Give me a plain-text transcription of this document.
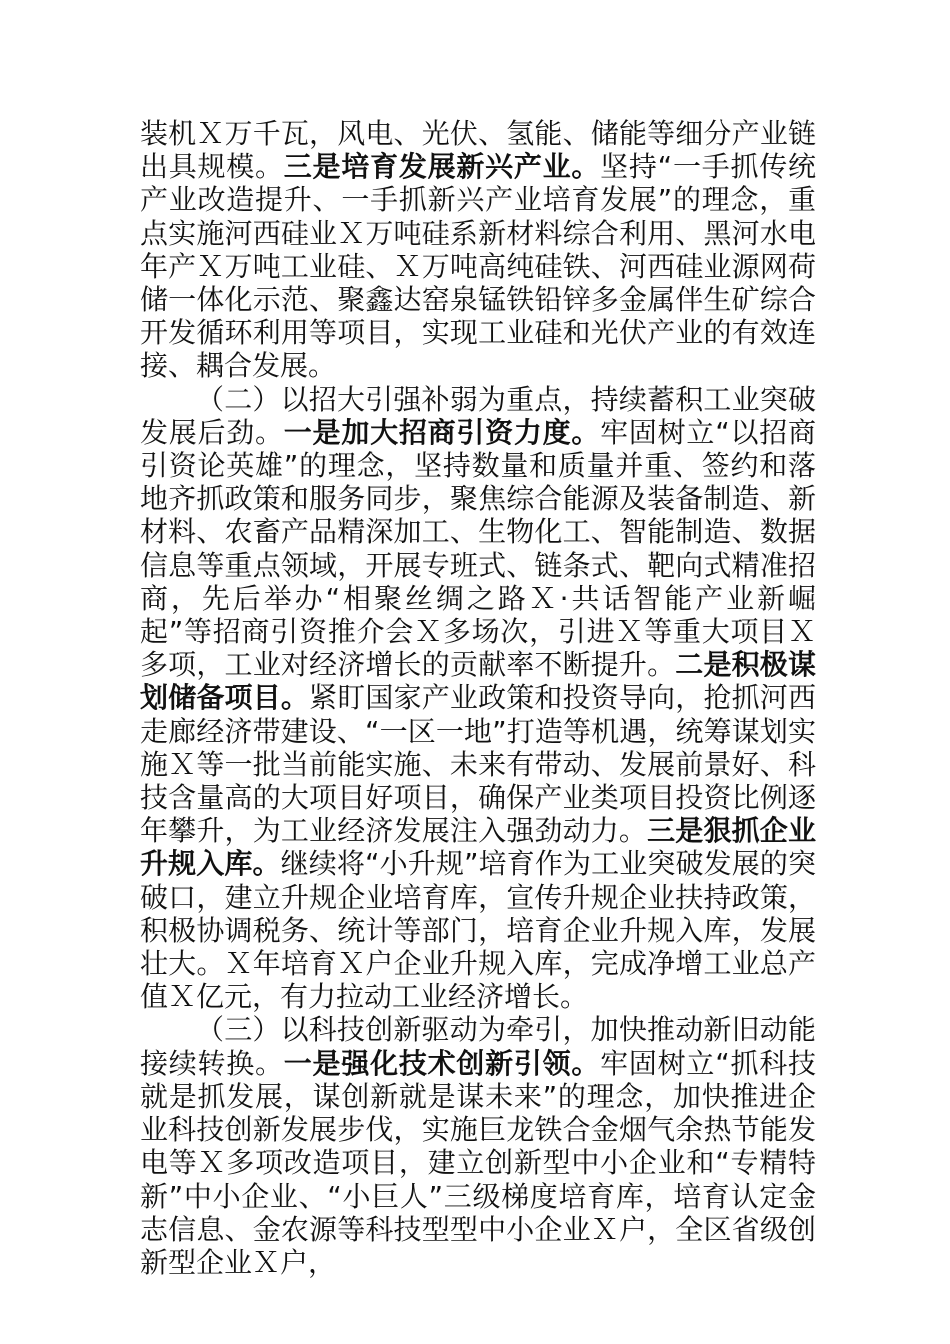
装机Ｘ万千瓦，风电、光伏、氢能、储能等细分产业链出具规模。三是培育发展新兴产业。坚持“一手抓传统产业改造提升、一手抓新兴产业培育发展”的理念，重点实施河西硅业Ｘ万吨硅系新材料综合利用、黑河水电年产Ｘ万吨工业硅、Ｘ万吨高纯硅铁、河西硅业源网荷储一体化示范、聚鑫达窑泉锰铁铅锌多金属伴生矿综合开发循环利用等项目，实现工业硅和光伏产业的有效连接、耦合发展。

（二）以招大引强补弱为重点，持续蓄积工业突破发展后劲。一是加大招商引资力度。牢固树立“以招商引资论英雄”的理念，坚持数量和质量并重、签约和落地齐抓政策和服务同步，聚焦综合能源及装备制造、新材料、农畜产品精深加工、生物化工、智能制造、数据信息等重点领域，开展专班式、链条式、靶向式精准招商，先后举办“相聚丝绸之路Ｘ·共话智能产业新崛起”等招商引资推介会Ｘ多场次，引进Ｘ等重大项目Ｘ多项，工业对经济增长的贡献率不断提升。二是积极谋划储备项目。紧盯国家产业政策和投资导向，抢抓河西走廊经济带建设、“一区一地”打造等机遇，统筹谋划实施Ｘ等一批当前能实施、未来有带动、发展前景好、科技含量高的大项目好项目，确保产业类项目投资比例逐年攀升，为工业经济发展注入强劲动力。三是狠抓企业升规入库。继续将“小升规”培育作为工业突破发展的突破口，建立升规企业培育库，宣传升规企业扶持政策，积极协调税务、统计等部门，培育企业升规入库，发展壮大。Ｘ年培育Ｘ户企业升规入库，完成净增工业总产值Ｘ亿元，有力拉动工业经济增长。

（三）以科技创新驱动为牵引，加快推动新旧动能接续转换。一是强化技术创新引领。牢固树立“抓科技就是抓发展，谋创新就是谋未来”的理念，加快推进企业科技创新发展步伐，实施巨龙铁合金烟气余热节能发电等Ｘ多项改造项目，建立创新型中小企业和“专精特新”中小企业、“小巨人”三级梯度培育库，培育认定金志信息、金农源等科技型型中小企业Ｘ户，全区省级创新型企业Ｘ户，
